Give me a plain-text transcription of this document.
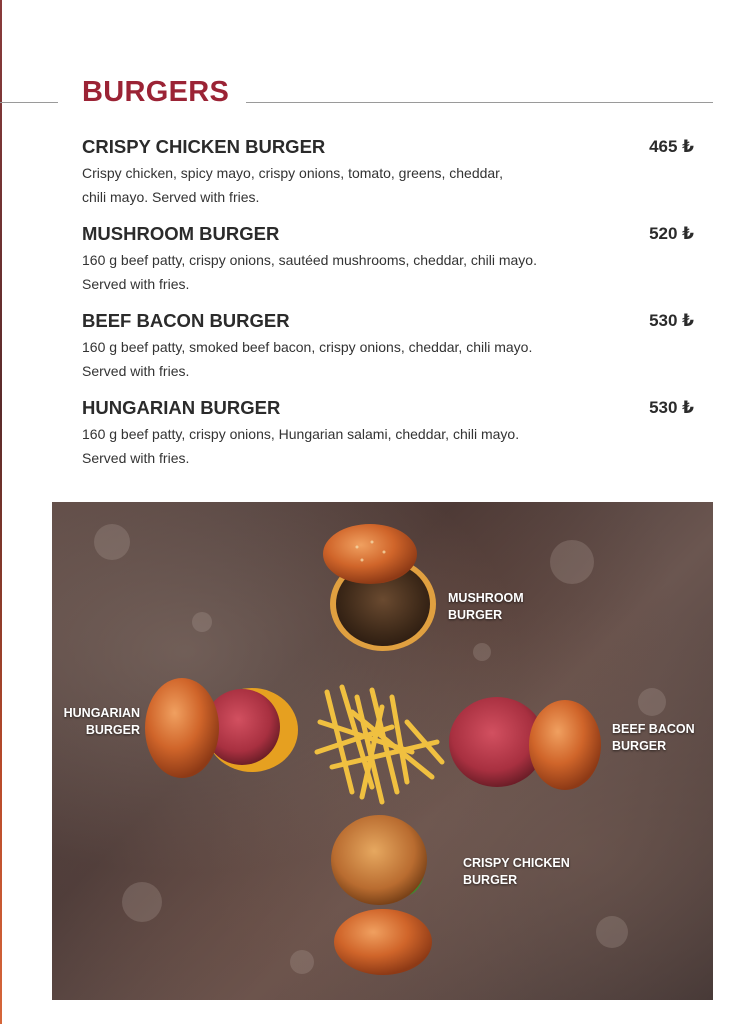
BURGERS
CRISPY CHICKEN BURGER	465 ₺
Crispy chicken, spicy mayo, crispy onions, tomato, greens, cheddar,
chili mayo. Served with fries.
MUSHROOM BURGER	520 ₺
160 g beef patty, crispy onions, sautéed mushrooms, cheddar, chili mayo.
Served with fries.
BEEF BACON BURGER	530 ₺
160 g beef patty, smoked beef bacon, crispy onions, cheddar, chili mayo.
Served with fries.
HUNGARIAN BURGER	530 ₺
160 g beef patty, crispy onions, Hungarian salami, cheddar, chili mayo.
Served with fries.
MUSHROOM
BURGER
HUNGARIAN
BURGER	BEEF BACON
BURGER
CRISPY CHICKEN
BURGER
